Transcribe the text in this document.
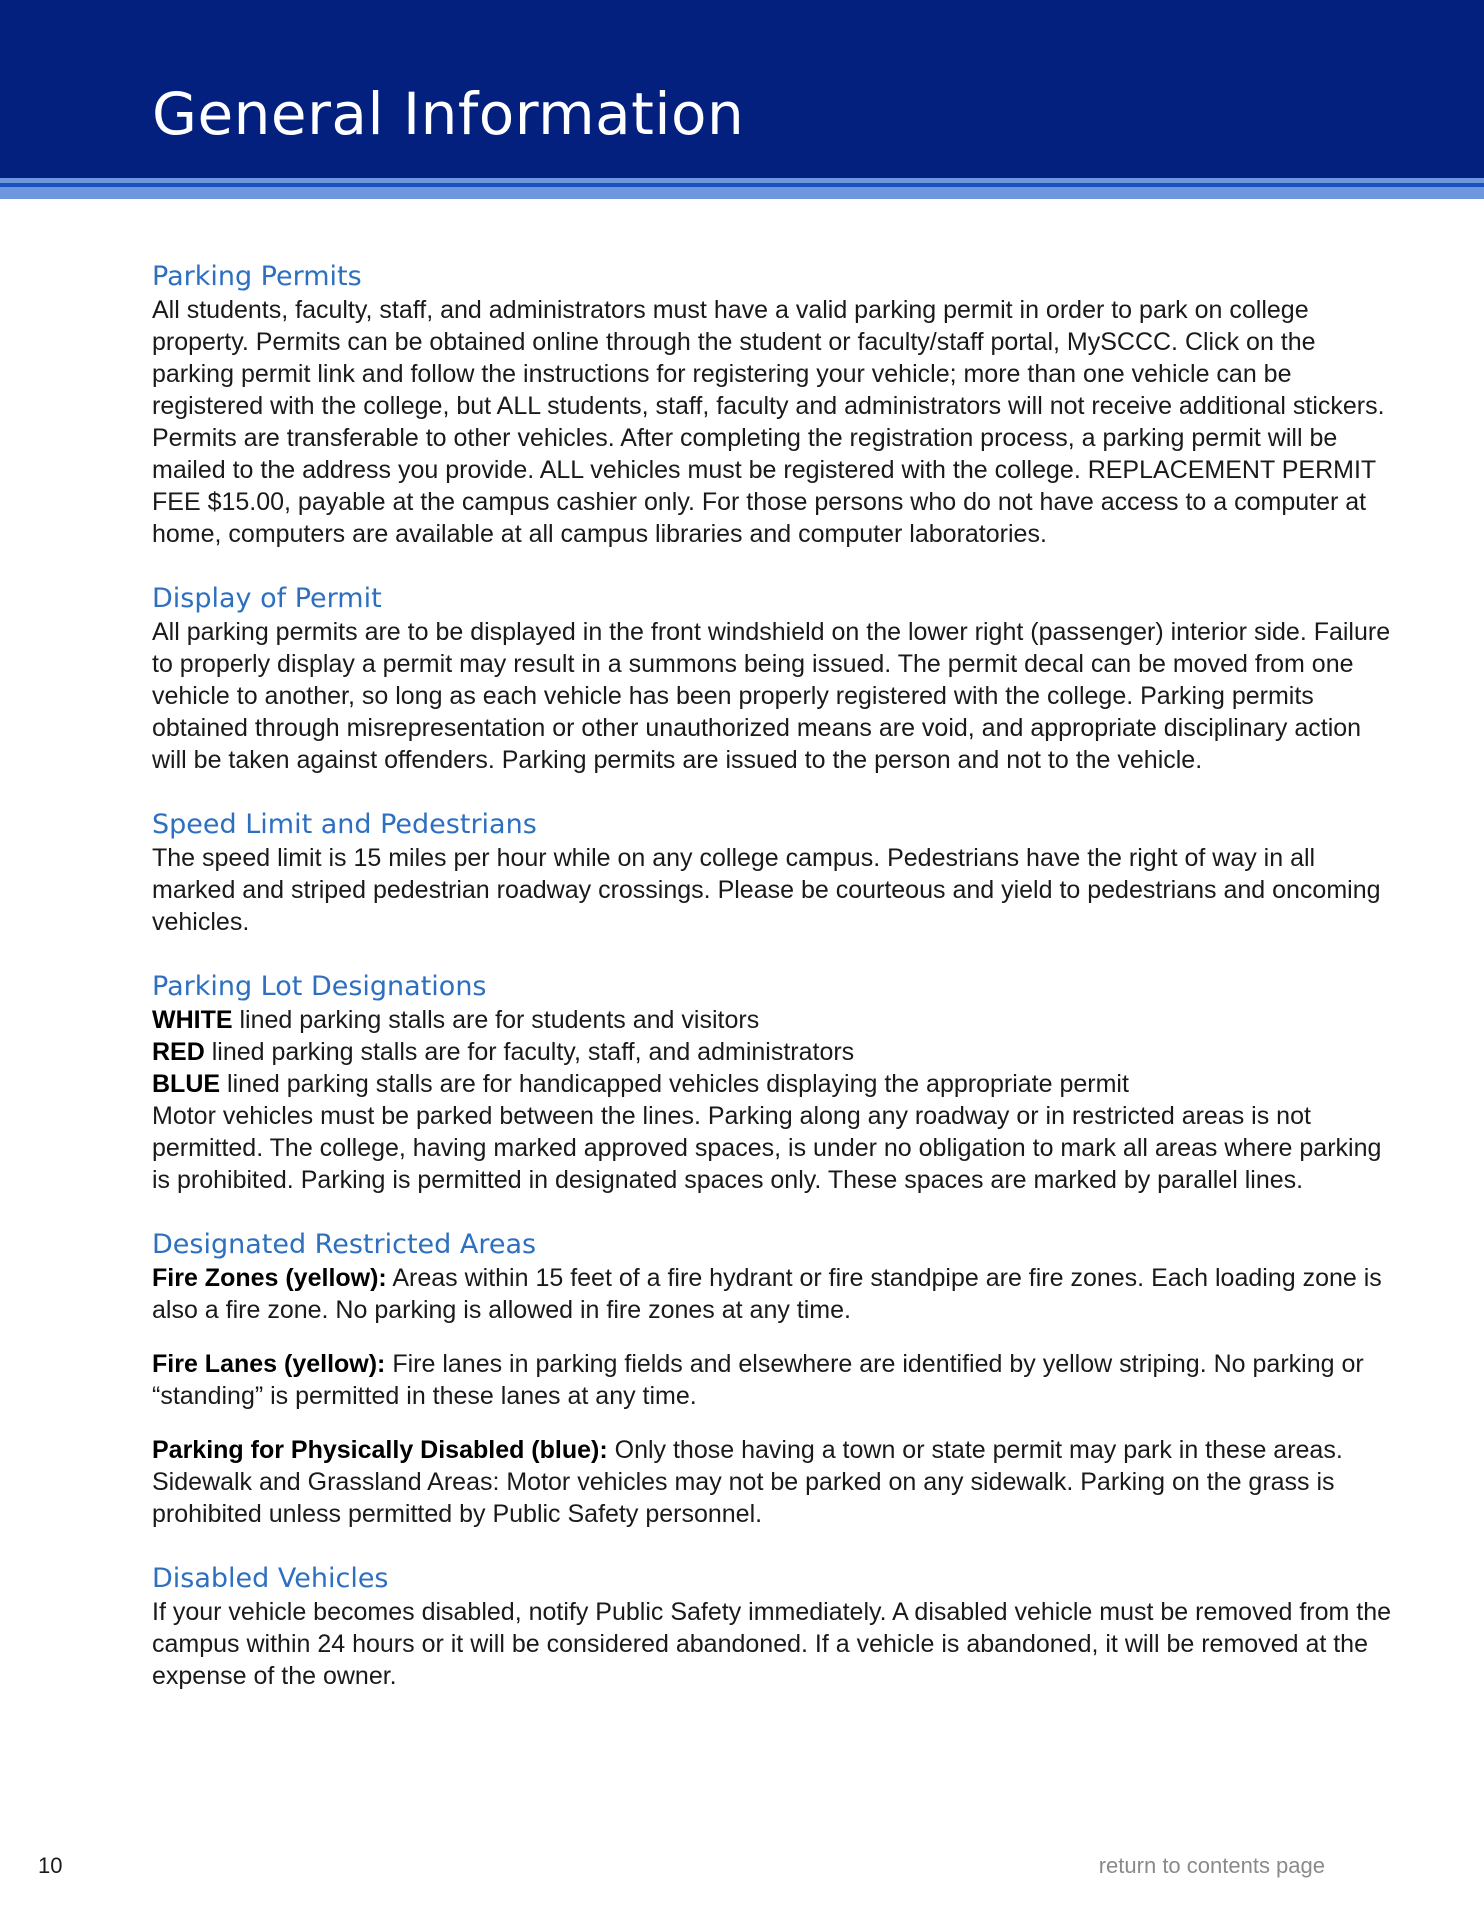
General Information
Parking Permits

All students, faculty, staff, and administrators must have a valid parking permit in order to park on college property. Permits can be obtained online through the student or faculty/staff portal, MySCCC. Click on the parking permit link and follow the instructions for registering your vehicle; more than one vehicle can be registered with the college, but ALL students, staff, faculty and administrators will not receive additional stickers. Permits are transferable to other vehicles. After completing the registration process, a parking permit will be mailed to the address you provide. ALL vehicles must be registered with the college. REPLACEMENT PERMIT FEE $15.00, payable at the campus cashier only. For those persons who do not have access to a computer at home, computers are available at all campus libraries and computer laboratories.

Display of Permit

All parking permits are to be displayed in the front windshield on the lower right (passenger) interior side. Failure to properly display a permit may result in a summons being issued. The permit decal can be moved from one vehicle to another, so long as each vehicle has been properly registered with the college. Parking permits obtained through misrepresentation or other unauthorized means are void, and appropriate disciplinary action will be taken against offenders. Parking permits are issued to the person and not to the vehicle.

Speed Limit and Pedestrians

The speed limit is 15 miles per hour while on any college campus. Pedestrians have the right of way in all marked and striped pedestrian roadway crossings. Please be courteous and yield to pedestrians and oncoming vehicles.

Parking Lot Designations

WHITE lined parking stalls are for students and visitors

RED lined parking stalls are for faculty, staff, and administrators

BLUE lined parking stalls are for handicapped vehicles displaying the appropriate permit

Motor vehicles must be parked between the lines. Parking along any roadway or in restricted areas is not permitted. The college, having marked approved spaces, is under no obligation to mark all areas where parking is prohibited. Parking is permitted in designated spaces only. These spaces are marked by parallel lines.

Designated Restricted Areas

Fire Zones (yellow): Areas within 15 feet of a fire hydrant or fire standpipe are fire zones. Each loading zone is also a fire zone. No parking is allowed in fire zones at any time.

Fire Lanes (yellow): Fire lanes in parking fields and elsewhere are identified by yellow striping. No parking or “standing” is permitted in these lanes at any time.

Parking for Physically Disabled (blue): Only those having a town or state permit may park in these areas. Sidewalk and Grassland Areas: Motor vehicles may not be parked on any sidewalk. Parking on the grass is prohibited unless permitted by Public Safety personnel.

Disabled Vehicles

If your vehicle becomes disabled, notify Public Safety immediately. A disabled vehicle must be removed from the campus within 24 hours or it will be considered abandoned. If a vehicle is abandoned, it will be removed at the expense of the owner.

10	return to contents page
